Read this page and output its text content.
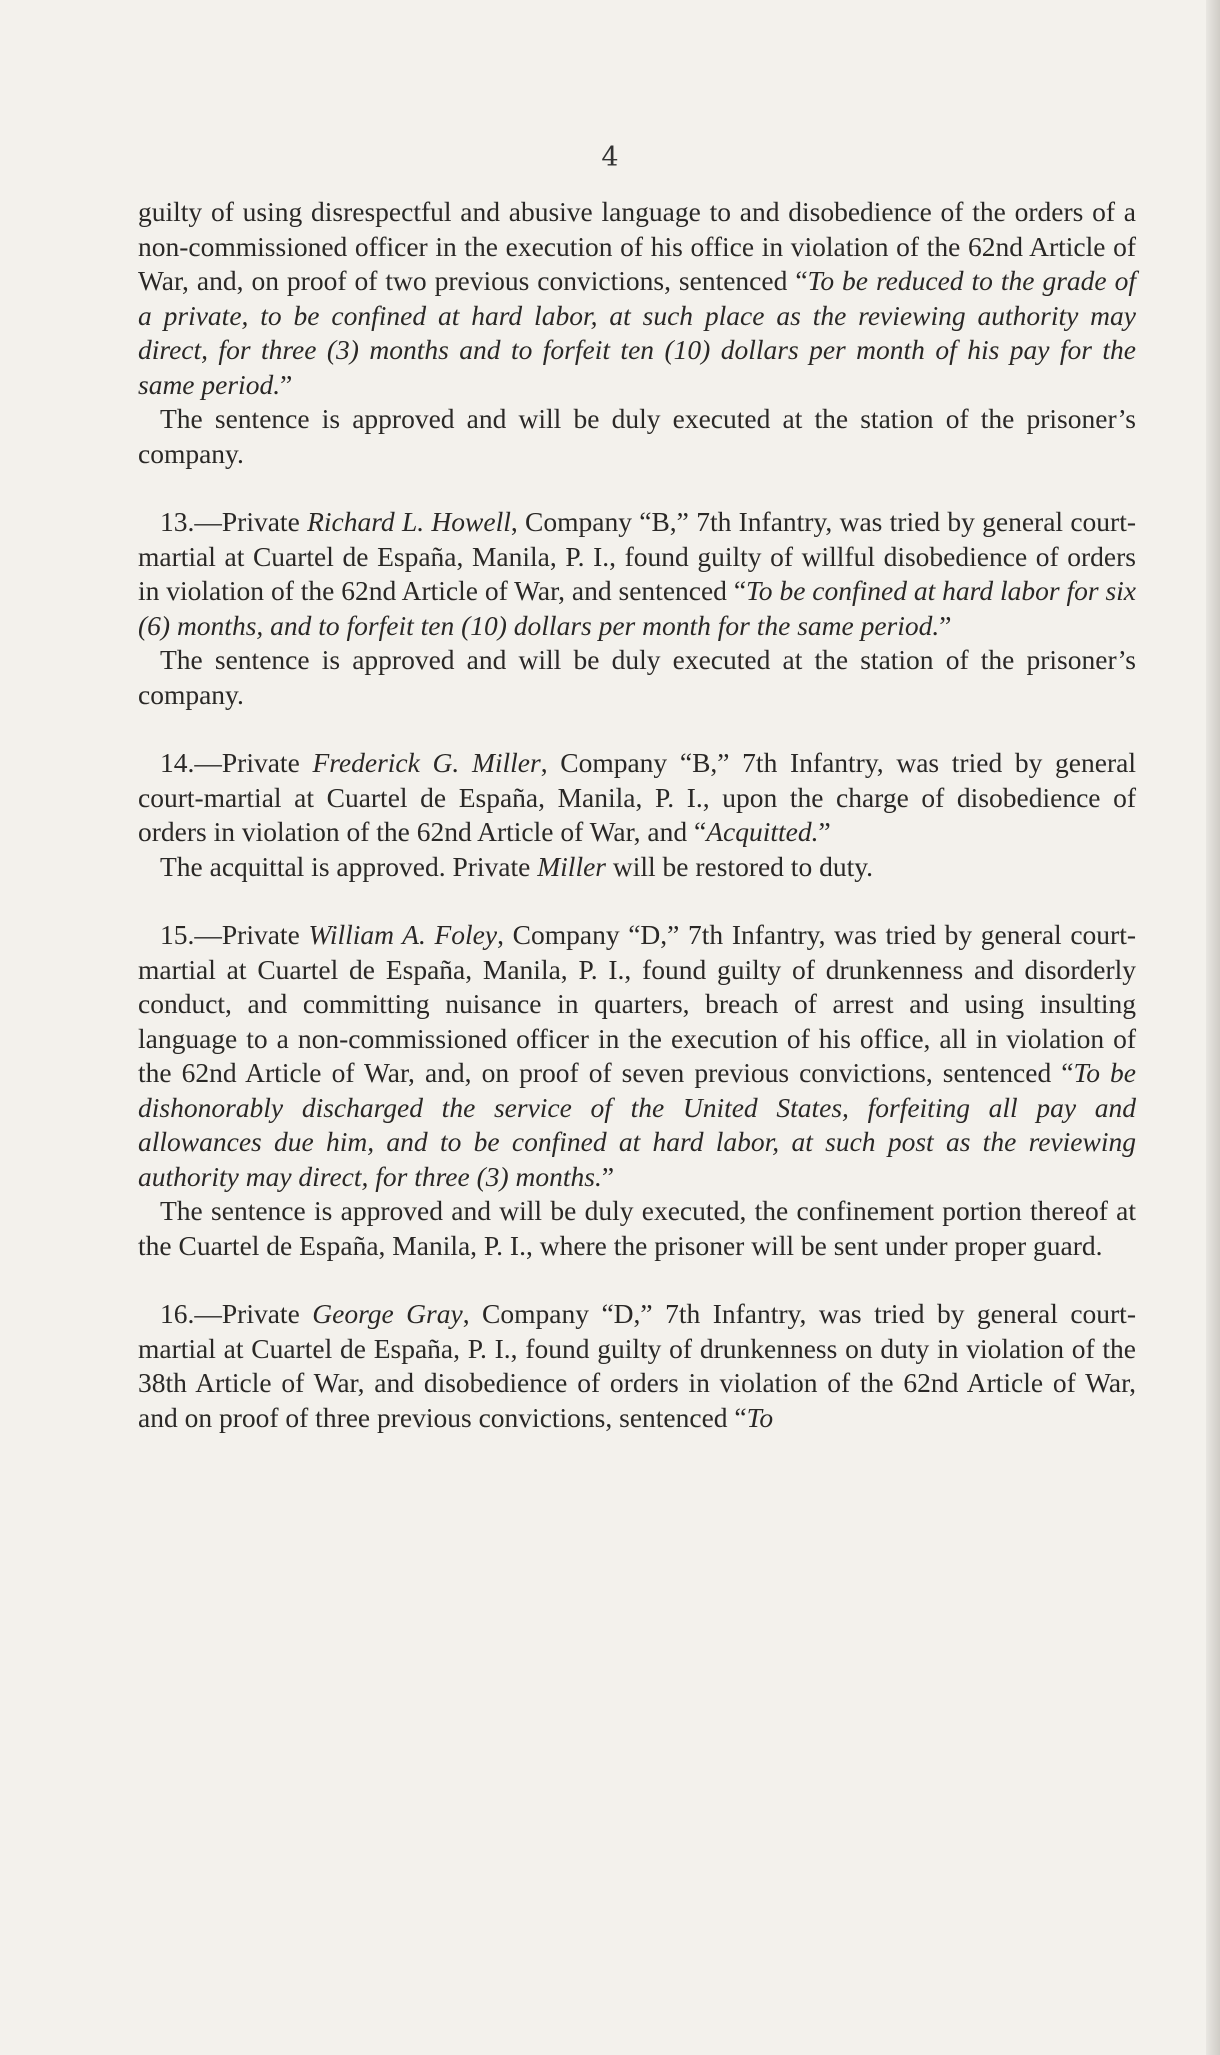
4

guilty of using disrespectful and abusive language to and disobedience of the orders of a non-commissioned officer in the execution of his office in violation of the 62nd Article of War, and, on proof of two previous convictions, sentenced “To be reduced to the grade of a private, to be confined at hard labor, at such place as the reviewing authority may direct, for three (3) months and to forfeit ten (10) dollars per month of his pay for the same period.”

The sentence is approved and will be duly executed at the station of the prisoner’s company.

13.—Private Richard L. Howell, Company “B,” 7th Infantry, was tried by general court-martial at Cuartel de España, Manila, P. I., found guilty of willful disobedience of orders in violation of the 62nd Article of War, and sentenced “To be confined at hard labor for six (6) months, and to forfeit ten (10) dollars per month for the same period.”

The sentence is approved and will be duly executed at the station of the prisoner’s company.

14.—Private Frederick G. Miller, Company “B,” 7th Infantry, was tried by general court-martial at Cuartel de España, Manila, P. I., upon the charge of disobedience of orders in violation of the 62nd Article of War, and “Acquitted.”

The acquittal is approved. Private Miller will be restored to duty.

15.—Private William A. Foley, Company “D,” 7th Infantry, was tried by general court-martial at Cuartel de España, Manila, P. I., found guilty of drunkenness and disorderly conduct, and committing nuisance in quarters, breach of arrest and using insulting language to a non-commissioned officer in the execution of his office, all in violation of the 62nd Article of War, and, on proof of seven previous convictions, sentenced “To be dishonorably discharged the service of the United States, forfeiting all pay and allowances due him, and to be confined at hard labor, at such post as the reviewing authority may direct, for three (3) months.”

The sentence is approved and will be duly executed, the confinement portion thereof at the Cuartel de España, Manila, P. I., where the prisoner will be sent under proper guard.

16.—Private George Gray, Company “D,” 7th Infantry, was tried by general court-martial at Cuartel de España, P. I., found guilty of drunkenness on duty in violation of the 38th Article of War, and disobedience of orders in violation of the 62nd Article of War, and on proof of three previous convictions, sentenced “To
